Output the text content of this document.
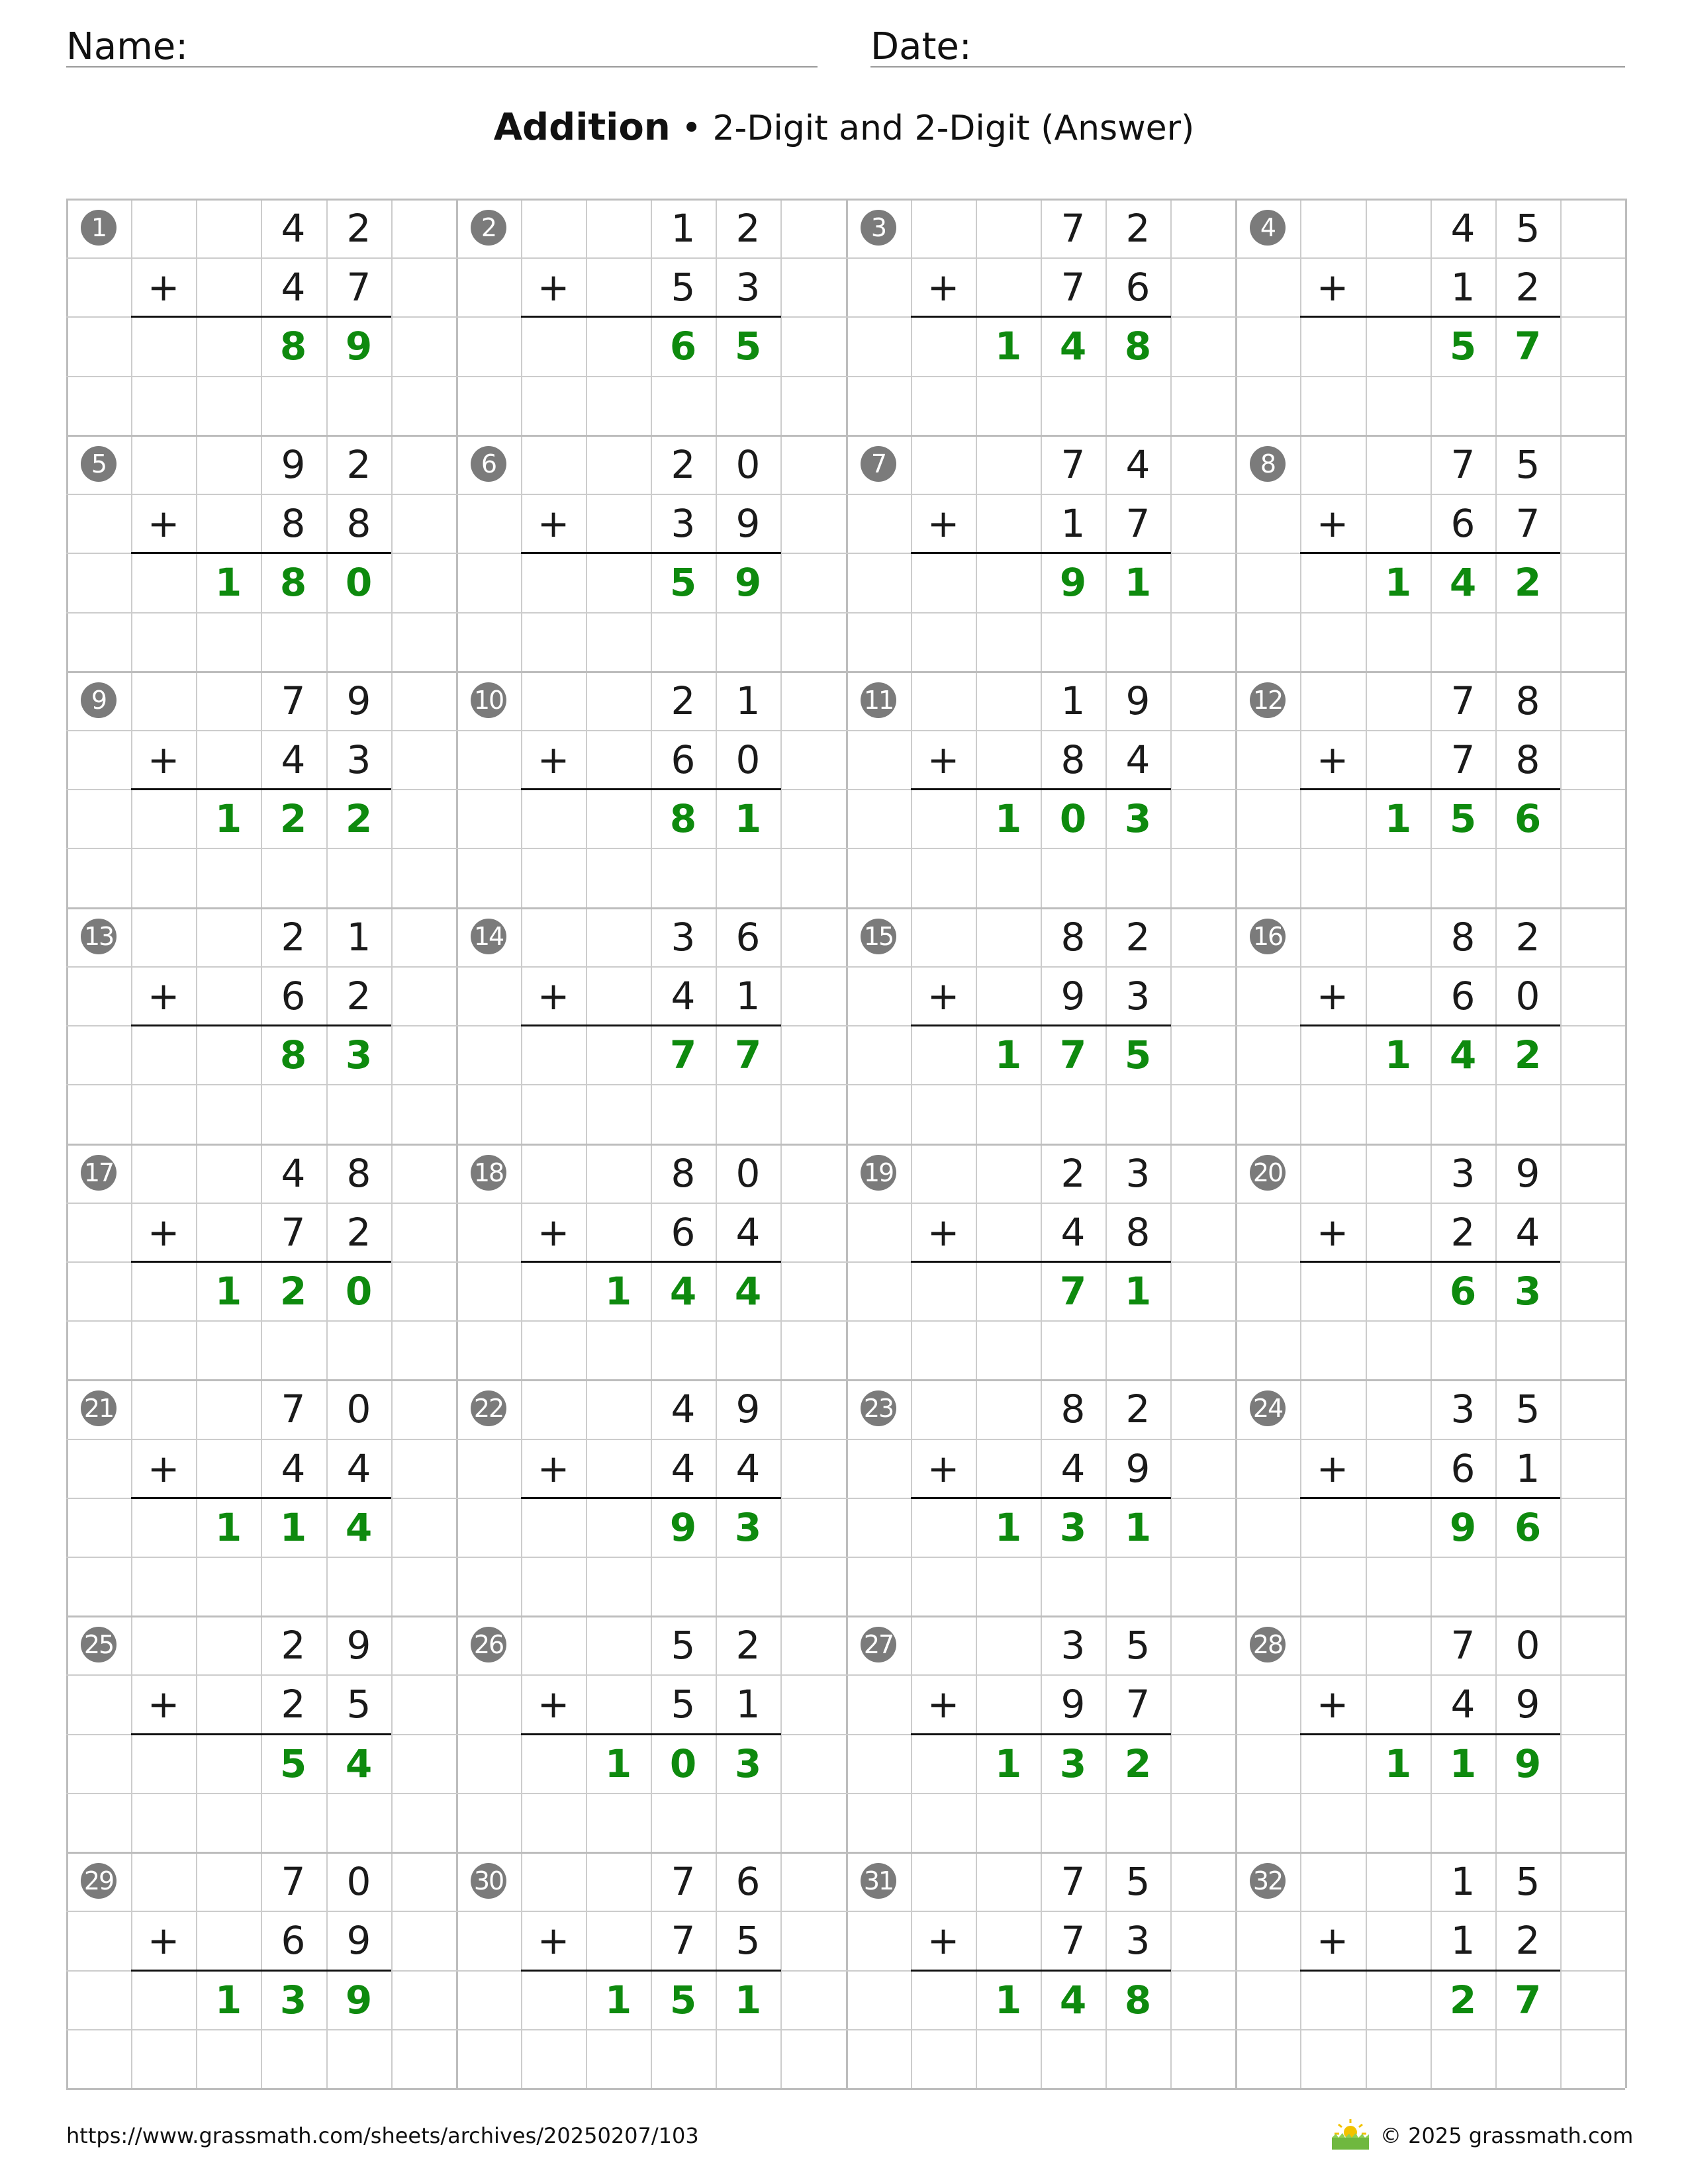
Name:	Date:
Addition • 2-Digit and 2-Digit (Answer)
1	4	2
+	4	7
8	9
2	1	2
+	5	3
6 5
3	7	2
+	7	6
1 4 8
4	4	5
+	1	2
5 7
5	9	2
+	8	8
1 8	0
6	2	0
+	3	9
5 9
7	7	4
+	1	7
9 1
8	7	5
+	6	7
1 4 2
9	7	9
+	4	3
1 2	2
10	2	1
+	6	0
8 1
11	1	9
+	8	4
1 0 3
12	7	8
+	7	8
1 5 6
13	2	1
+	6	2
8	3
14	3	6
+	4	1
7 7
15	8	2
+	9	3
1 7 5
16	8	2
+	6	0
1 4 2
17	4	8
+	7	2
1 2	0
18	8	0
+	6	4
1 4 4
19	2	3
+	4	8
7 1
20	3	9
+	2	4
6 3
21	7	0
+	4	4
1 1	4
22	4	9
+	4	4
9 3
23	8	2
+	4	9
1 3 1
24	3	5
+	6	1
9 6
25	2	9
+	2	5
5	4
26	5	2
+	5	1
1 0 3
27	3	5
+	9	7
1 3 2
28	7	0
+	4	9
1 1 9
29	7	0
+	6	9
1 3	9
30	7	6
+	7	5
1 5 1
31	7	5
+	7	3
1 4 8
32	1	5
+	1	2
2 7
https://www.grassmath.com/sheets/archives/20250207/103	© 2025 grassmath.com
